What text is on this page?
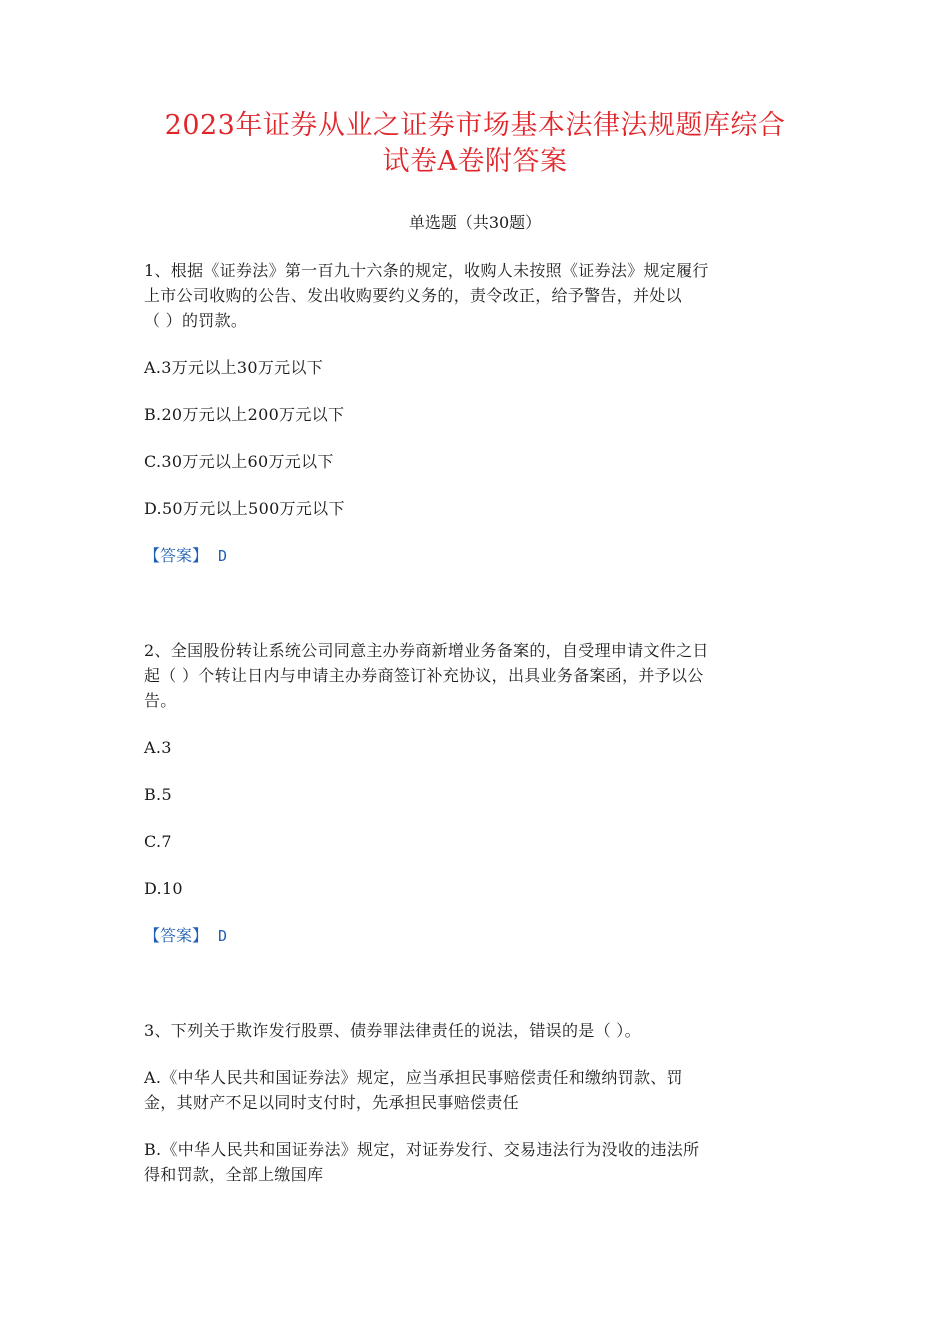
2023年证券从业之证券市场基本法律法规题库综合
试卷A卷附答案
单选题（共30题）
1、根据《证券法》第一百九十六条的规定，收购人未按照《证券法》规定履行
上市公司收购的公告、发出收购要约义务的，责令改正，给予警告，并处以
（ ）的罚款。
A.3万元以上30万元以下
B.20万元以上200万元以下
C.30万元以上60万元以下
D.50万元以上500万元以下
【答案】 D
2、全国股份转让系统公司同意主办券商新增业务备案的，自受理申请文件之日
起（ ）个转让日内与申请主办券商签订补充协议，出具业务备案函，并予以公
告。
A.3
B.5
C.7
D.10
【答案】 D
3、下列关于欺诈发行股票、债券罪法律责任的说法，错误的是（ ）。
A.《中华人民共和国证券法》规定，应当承担民事赔偿责任和缴纳罚款、罚
金，其财产不足以同时支付时，先承担民事赔偿责任
B.《中华人民共和国证券法》规定，对证券发行、交易违法行为没收的违法所
得和罚款，全部上缴国库
